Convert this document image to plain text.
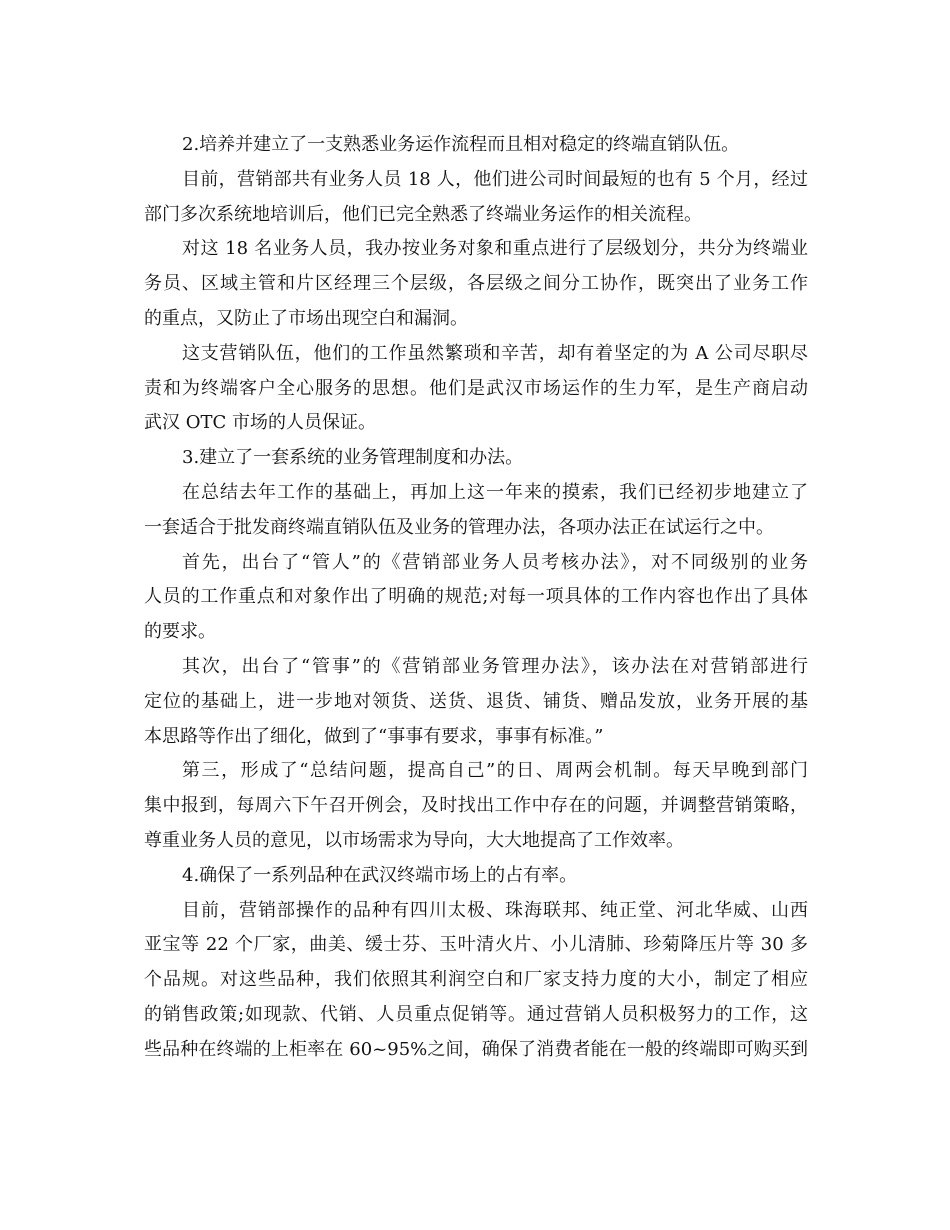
2.培养并建立了一支熟悉业务运作流程而且相对稳定的终端直销队伍。
目前，营销部共有业务人员 18 人，他们进公司时间最短的也有 5 个月，经过
部门多次系统地培训后，他们已完全熟悉了终端业务运作的相关流程。
对这 18 名业务人员，我办按业务对象和重点进行了层级划分，共分为终端业
务员、区域主管和片区经理三个层级，各层级之间分工协作，既突出了业务工作
的重点，又防止了市场出现空白和漏洞。
这支营销队伍，他们的工作虽然繁琐和辛苦，却有着坚定的为 A 公司尽职尽
责和为终端客户全心服务的思想。他们是武汉市场运作的生力军，是生产商启动
武汉 OTC 市场的人员保证。
3.建立了一套系统的业务管理制度和办法。
在总结去年工作的基础上，再加上这一年来的摸索，我们已经初步地建立了
一套适合于批发商终端直销队伍及业务的管理办法，各项办法正在试运行之中。
首先，出台了“管人”的《营销部业务人员考核办法》，对不同级别的业务
人员的工作重点和对象作出了明确的规范;对每一项具体的工作内容也作出了具体
的要求。
其次，出台了“管事”的《营销部业务管理办法》，该办法在对营销部进行
定位的基础上，进一步地对领货、送货、退货、铺货、赠品发放，业务开展的基
本思路等作出了细化，做到了“事事有要求，事事有标准。”
第三，形成了“总结问题，提高自己”的日、周两会机制。每天早晚到部门
集中报到，每周六下午召开例会，及时找出工作中存在的问题，并调整营销策略，
尊重业务人员的意见，以市场需求为导向，大大地提高了工作效率。
4.确保了一系列品种在武汉终端市场上的占有率。
目前，营销部操作的品种有四川太极、珠海联邦、纯正堂、河北华威、山西
亚宝等 22 个厂家，曲美、缓士芬、玉叶清火片、小儿清肺、珍菊降压片等 30 多
个品规。对这些品种，我们依照其利润空白和厂家支持力度的大小，制定了相应
的销售政策;如现款、代销、人员重点促销等。通过营销人员积极努力的工作，这
些品种在终端的上柜率在 60~95%之间，确保了消费者能在一般的终端即可购买到
